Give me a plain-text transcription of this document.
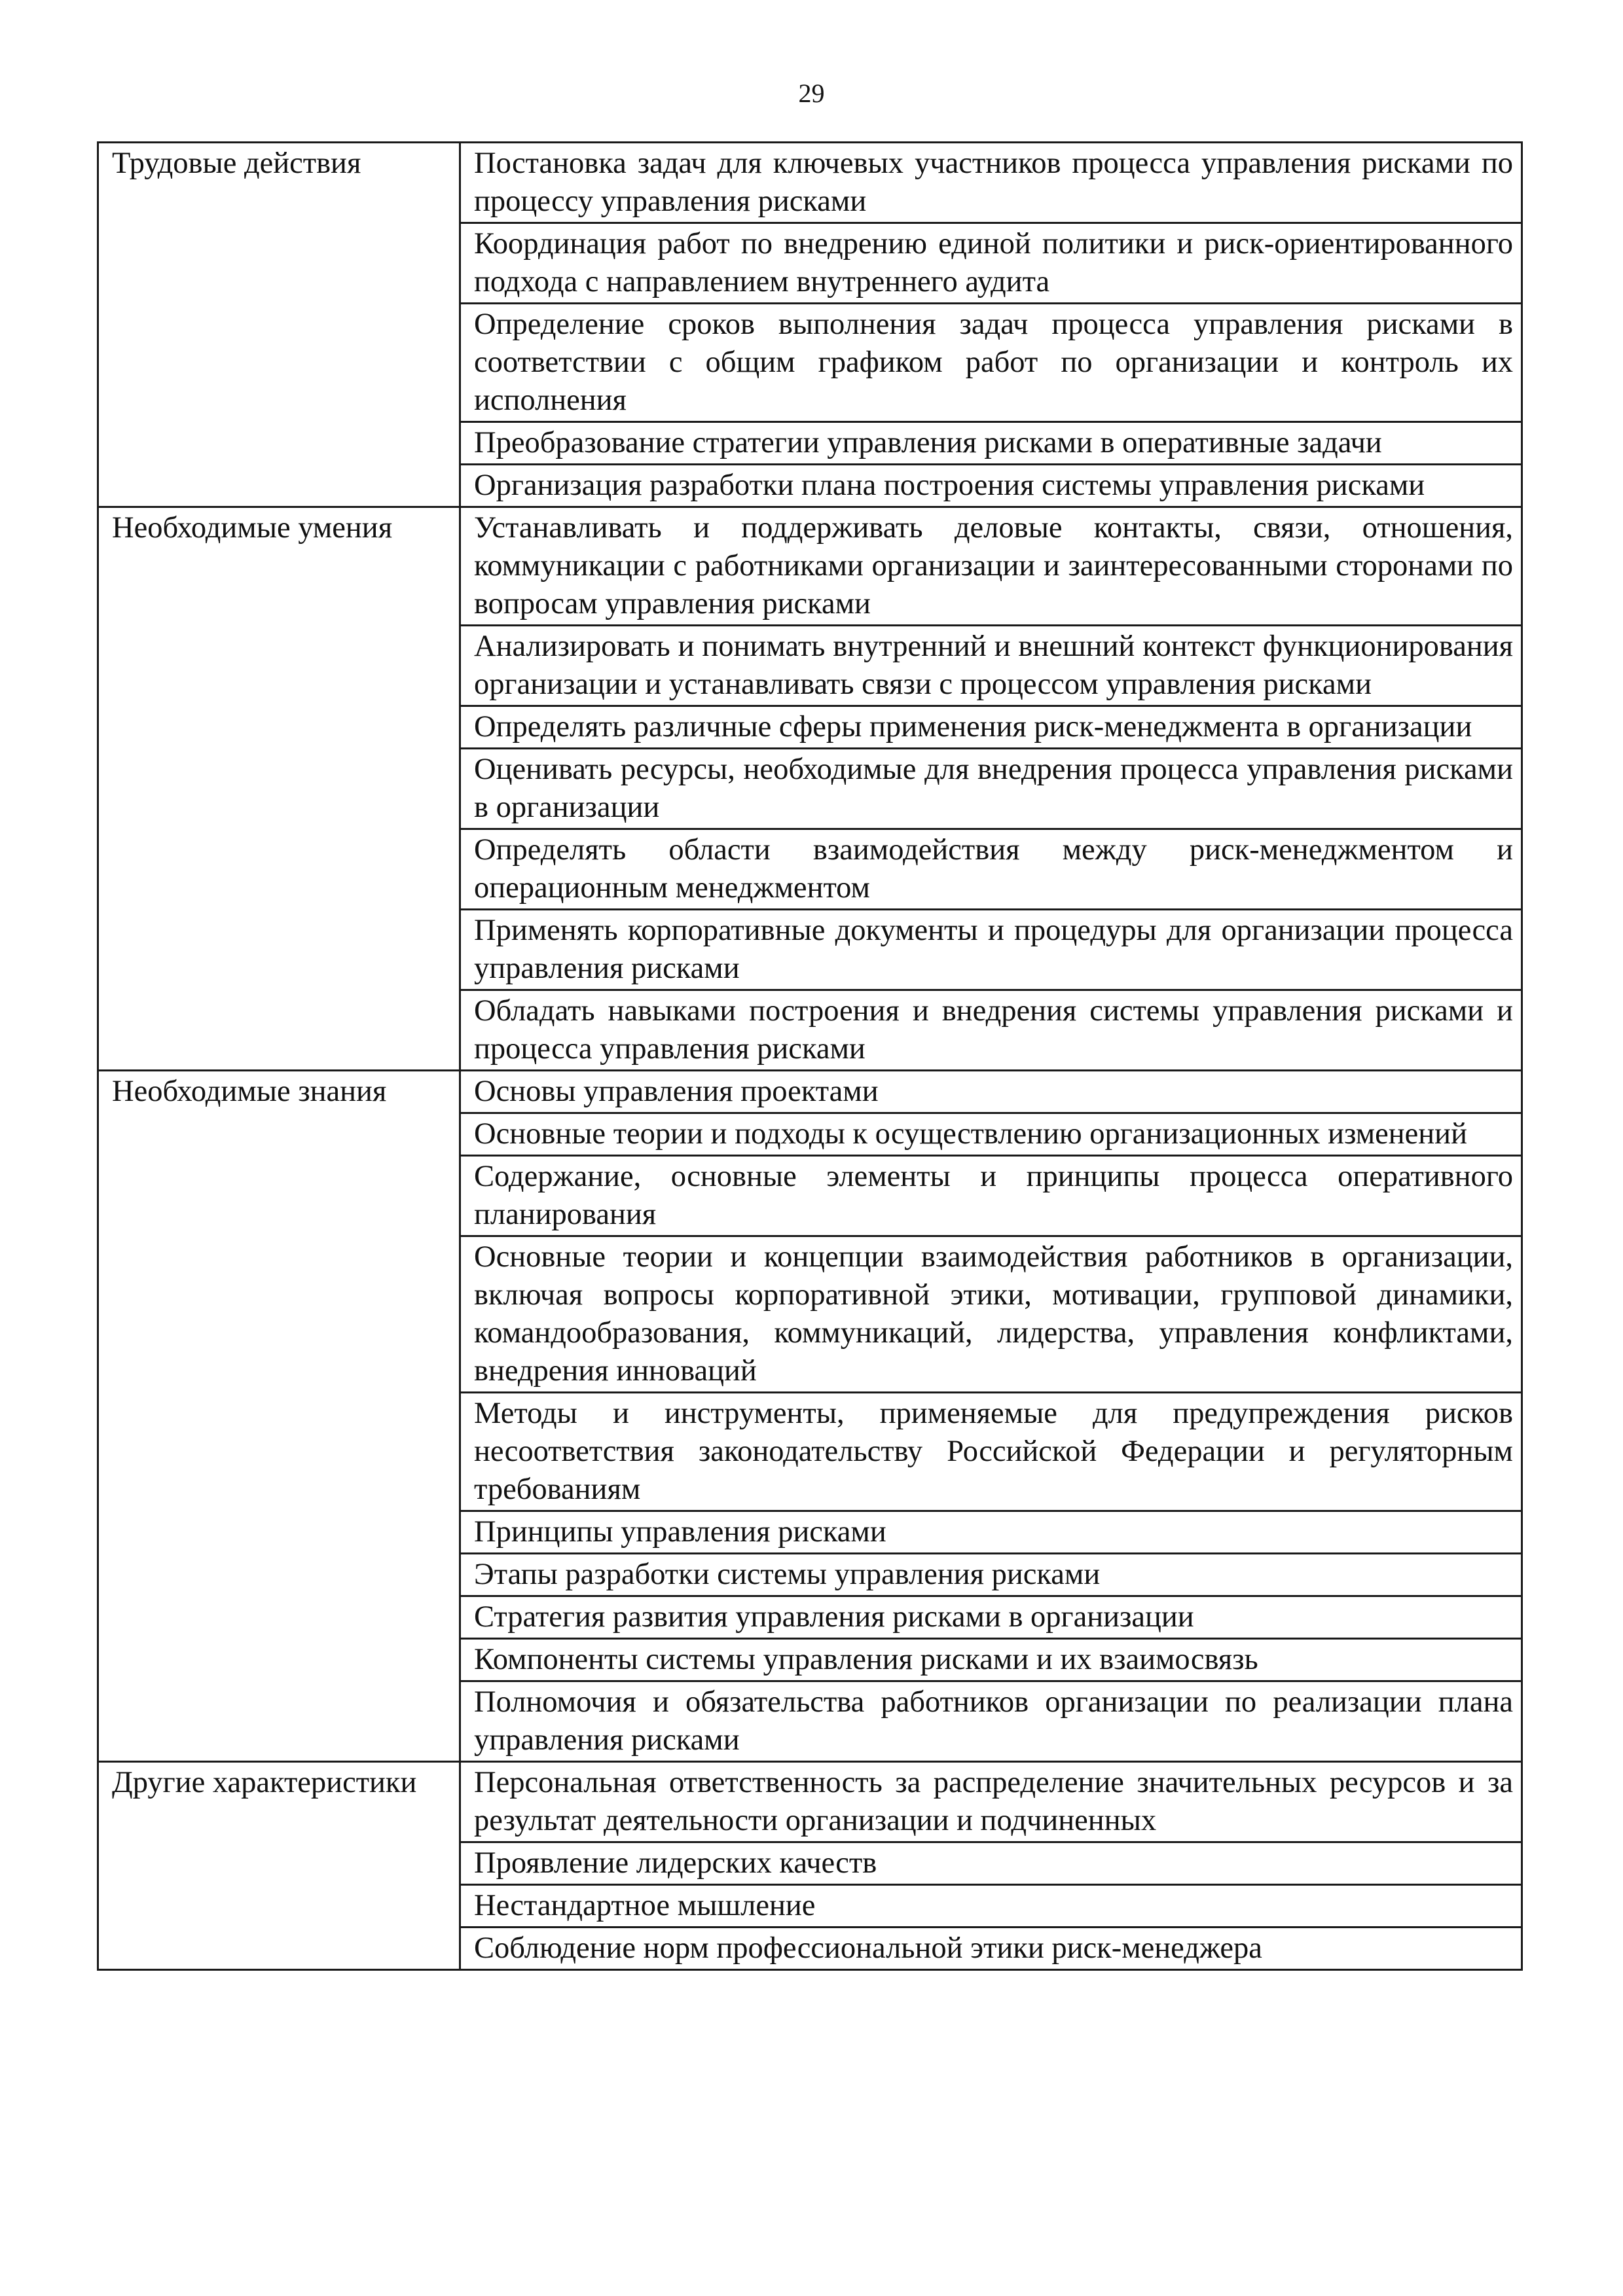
29
Трудовые действия	Постановка задач для ключевых участников процесса управления рисками по процессу управления рисками
	Координация работ по внедрению единой политики и риск-ориентированного подхода с направлением внутреннего аудита
	Определение сроков выполнения задач процесса управления рисками в соответствии с общим графиком работ по организации и контроль их исполнения
	Преобразование стратегии управления рисками в оперативные задачи
	Организация разработки плана построения системы управления рисками
Необходимые умения	Устанавливать и поддерживать деловые контакты, связи, отношения, коммуникации с работниками организации и заинтересованными сторонами по вопросам управления рисками
	Анализировать и понимать внутренний и внешний контекст функционирования организации и устанавливать связи с процессом управления рисками
	Определять различные сферы применения риск-менеджмента в организации
	Оценивать ресурсы, необходимые для внедрения процесса управления рисками в организации
	Определять области взаимодействия между риск-менеджментом и операционным менеджментом
	Применять корпоративные документы и процедуры для организации процесса управления рисками
	Обладать навыками построения и внедрения системы управления рисками и процесса управления рисками
Необходимые знания	Основы управления проектами
	Основные теории и подходы к осуществлению организационных изменений
	Содержание, основные элементы и принципы процесса оперативного планирования
	Основные теории и концепции взаимодействия работников в организации, включая вопросы корпоративной этики, мотивации, групповой динамики, командообразования, коммуникаций, лидерства, управления конфликтами, внедрения инноваций
	Методы и инструменты, применяемые для предупреждения рисков несоответствия законодательству Российской Федерации и регуляторным требованиям
	Принципы управления рисками
	Этапы разработки системы управления рисками
	Стратегия развития управления рисками в организации
	Компоненты системы управления рисками и их взаимосвязь
	Полномочия и обязательства работников организации по реализации плана управления рисками
Другие характеристики	Персональная ответственность за распределение значительных ресурсов и за результат деятельности организации и подчиненных
	Проявление лидерских качеств
	Нестандартное мышление
	Соблюдение норм профессиональной этики риск-менеджера
